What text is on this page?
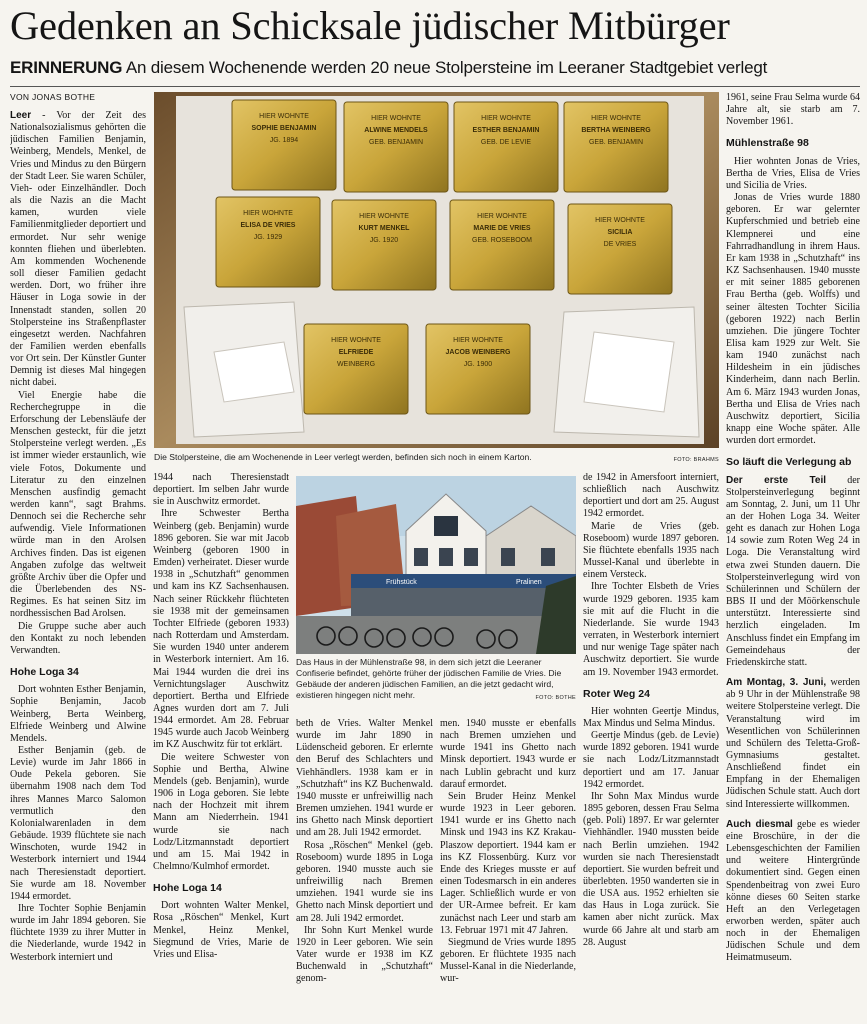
Gedenken an Schicksale jüdischer Mitbürger
ERINNERUNG An diesem Wochenende werden 20 neue Stolpersteine im Leeraner Stadtgebiet verlegt
VON JONAS BOTHE

Leer - Vor der Zeit des Nationalsozialismus gehörten die jüdischen Familien Benjamin, Weinberg, Mendels, Menkel, de Vries und Mindus zu den Bürgern der Stadt Leer. Sie waren Schüler, Vieh- oder Einzelhändler. Doch als die Nazis an die Macht kamen, wurden viele Familienmitglieder deportiert und ermordet. Nur sehr wenige konnten fliehen und überlebten. Am kommenden Wochenende soll dieser Familien gedacht werden. Dort, wo früher ihre Häuser in Loga sowie in der Innenstadt standen, sollen 20 Stolpersteine ins Straßenpflaster eingesetzt werden. Nachfahren der Familien werden ebenfalls vor Ort sein. Der Künstler Gunter Demnig ist dieses Mal hingegen nicht dabei.

Viel Energie habe die Recherchegruppe in die Erforschung der Lebensläufe der Menschen gesteckt, für die jetzt Stolpersteine verlegt werden. „Es ist immer wieder erstaunlich, wie viele Fotos, Dokumente und Literatur zu den einzelnen Menschen ausfindig gemacht werden kann“, sagt Brahms. Dennoch sei die Recherche sehr aufwendig. Viele Informationen würde man in den Arolsen Archives finden. Das ist eigenen Angaben zufolge das weltweit größte Archiv über die Opfer und die Überlebenden des NS-Regimes. Es hat seinen Sitz im nordhessischen Bad Arolsen.

Die Gruppe suche aber auch den Kontakt zu noch lebenden Verwandten.

Hohe Loga 34

Dort wohnten Esther Benjamin, Sophie Benjamin, Jacob Weinberg, Berta Weinberg, Elfriede Weinberg und Alwine Mendels.

Esther Benjamin (geb. de Levie) wurde im Jahr 1866 in Oude Pekela geboren. Sie übernahm 1908 nach dem Tod ihres Mannes Marco Salomon vermutlich den Kolonialwarenladen in dem Gebäude. 1939 flüchtete sie nach Winschoten, wurde 1942 in Westerbork interniert und 1944 nach Theresienstadt deportiert. Sie wurde am 18. November 1944 ermordet.

Ihre Tochter Sophie Benjamin wurde im Jahr 1894 geboren. Sie flüchtete 1939 zu ihrer Mutter in die Niederlande, wurde 1942 in Westerbork interniert und

HIER WOHNTE
SOPHIE BENJAMIN
JG. 1894
HIER WOHNTE
ALWINE MENDELS
GEB. BENJAMIN
HIER WOHNTE
ESTHER BENJAMIN
GEB. DE LEVIE
HIER WOHNTE
BERTHA WEINBERG
GEB. BENJAMIN
HIER WOHNTE
ELISA DE VRIES
JG. 1929
HIER WOHNTE
KURT MENKEL
JG. 1920
HIER WOHNTE
MARIE DE VRIES
GEB. ROSEBOOM
HIER WOHNTE
SICILIA
DE VRIES
HIER WOHNTE
ELFRIEDE
WEINBERG
HIER WOHNTE
JACOB WEINBERG
JG. 1900
Die Stolpersteine, die am Wochenende in Leer verlegt werden, befinden sich noch in einem Karton.	FOTO: BRAHMS

1944 nach Theresienstadt deportiert. Im selben Jahr wurde sie in Auschwitz ermordet.

Ihre Schwester Bertha Weinberg (geb. Benjamin) wurde 1896 geboren. Sie war mit Jacob Weinberg (geboren 1900 in Emden) verheiratet. Dieser wurde 1938 in „Schutzhaft“ genommen und kam ins KZ Sachsenhausen. Nach seiner Rückkehr flüchteten sie 1938 mit der gemeinsamen Tochter Elfriede (geboren 1933) nach Rotterdam und Amsterdam. Sie wurden 1940 unter anderem in Westerbork interniert. Am 16. Mai 1944 wurden die drei ins Vernichtungslager Auschwitz deportiert. Bertha und Elfriede Agnes wurden dort am 7. Juli 1944 ermordet. Am 28. Februar 1945 wurde auch Jacob Weinberg im KZ Auschwitz für tot erklärt.

Die weitere Schwester von Sophie und Bertha, Alwine Mendels (geb. Benjamin), wurde 1906 in Loga geboren. Sie lebte nach der Hochzeit mit ihrem Mann am Niederrhein. 1941 wurde sie nach Lodz/Litzmannstadt deportiert und am 15. Mai 1942 in Chelmno/Kulmhof ermordet.

Hohe Loga 14

Dort wohnten Walter Menkel, Rosa „Röschen“ Menkel, Kurt Menkel, Heinz Menkel, Siegmund de Vries, Marie de Vries und Elisa-

Frühstück	Pralinen
Das Haus in der Mühlenstraße 98, in dem sich jetzt die Leeraner Confiserie befindet, gehörte früher der jüdischen Familie de Vries. Die Gebäude der anderen jüdischen Familien, an die jetzt gedacht wird, existieren hingegen nicht mehr.	FOTO: BOTHE

beth de Vries. Walter Menkel wurde im Jahr 1890 in Lüdenscheid geboren. Er erlernte den Beruf des Schlachters und Viehhändlers. 1938 kam er in „Schutzhaft“ ins KZ Buchenwald. 1940 musste er unfreiwillig nach Bremen umziehen. 1941 wurde er ins Ghetto nach Minsk deportiert und am 28. Juli 1942 ermordet.

Rosa „Röschen“ Menkel (geb. Roseboom) wurde 1895 in Loga geboren. 1940 musste auch sie unfreiwillig nach Bremen umziehen. 1941 wurde sie ins Ghetto nach Minsk deportiert und am 28. Juli 1942 ermordet.

Ihr Sohn Kurt Menkel wurde 1920 in Leer geboren. Wie sein Vater wurde er 1938 im KZ Buchenwald in „Schutzhaft“ genom-

men. 1940 musste er ebenfalls nach Bremen umziehen und wurde 1941 ins Ghetto nach Minsk deportiert. 1943 wurde er nach Lublin gebracht und kurz darauf ermordet.

Sein Bruder Heinz Menkel wurde 1923 in Leer geboren. 1941 wurde er ins Ghetto nach Minsk und 1943 ins KZ Krakau-Plaszow deportiert. 1944 kam er ins KZ Flossenbürg. Kurz vor Ende des Krieges musste er auf einen Todesmarsch in ein anderes Lager. Schließlich wurde er von der UR-Armee befreit. Er kam zunächst nach Leer und starb am 13. Februar 1971 mit 47 Jahren.

Siegmund de Vries wurde 1895 geboren. Er flüchtete 1935 nach Mussel-Kanal in die Niederlande, wur-

de 1942 in Amersfoort interniert, schließlich nach Auschwitz deportiert und dort am 25. August 1942 ermordet.

Marie de Vries (geb. Roseboom) wurde 1897 geboren. Sie flüchtete ebenfalls 1935 nach Mussel-Kanal und überlebte in einem Versteck.

Ihre Tochter Elsbeth de Vries wurde 1929 geboren. 1935 kam sie mit auf die Flucht in die Niederlande. Sie wurde 1943 verraten, in Westerbork interniert und nur wenige Tage später nach Auschwitz deportiert. Sie wurde am 19. November 1943 ermordet.

Roter Weg 24

Hier wohnten Geertje Mindus, Max Mindus und Selma Mindus.

Geertje Mindus (geb. de Levie) wurde 1892 geboren. 1941 wurde sie nach Lodz/Litzmannstadt deportiert und am 17. Januar 1942 ermordet.

Ihr Sohn Max Mindus wurde 1895 geboren, dessen Frau Selma (geb. Poli) 1897. Er war gelernter Viehhändler. 1940 mussten beide nach Berlin umziehen. 1942 wurden sie nach Theresienstadt deportiert. Sie wurden befreit und überlebten. 1950 wanderten sie in die USA aus. 1952 erhielten sie das Haus in Loga zurück. Sie kamen aber nicht zurück. Max wurde 66 Jahre alt und starb am 28. August

1961, seine Frau Selma wurde 64 Jahre alt, sie starb am 7. November 1961.

Mühlenstraße 98

Hier wohnten Jonas de Vries, Bertha de Vries, Elisa de Vries und Sicilia de Vries.

Jonas de Vries wurde 1880 geboren. Er war gelernter Kupferschmied und betrieb eine Klempnerei und eine Fahrradhandlung in ihrem Haus. Er kam 1938 in „Schutzhaft“ ins KZ Sachsenhausen. 1940 musste er mit seiner 1885 geborenen Frau Bertha (geb. Wolffs) und seiner ältesten Tochter Sicilia (geboren 1922) nach Berlin umziehen. Die jüngere Tochter Elisa kam 1929 zur Welt. Sie kam 1940 zunächst nach Hildesheim in ein jüdisches Kinderheim, dann nach Berlin. Am 6. März 1943 wurden Jonas, Bertha und Elisa de Vries nach Auschwitz deportiert, Sicilia knapp eine Woche später. Alle wurden dort ermordet.

So läuft die Verlegung ab

Der erste Teil der Stolpersteinverlegung beginnt am Sonntag, 2. Juni, um 11 Uhr an der Hohen Loga 34. Weiter geht es danach zur Hohen Loga 14 sowie zum Roten Weg 24 in Loga. Die Veranstaltung wird etwa zwei Stunden dauern. Die Stolpersteinverlegung wird von Schülerinnen und Schülern der BBS II und der Möörkenschule unterstützt. Interessierte sind herzlich eingeladen. Im Anschluss findet ein Empfang im Gemeindehaus der Friedenskirche statt.

Am Montag, 3. Juni, werden ab 9 Uhr in der Mühlenstraße 98 weitere Stolpersteine verlegt. Die Veranstaltung wird im Wesentlichen von Schülerinnen und Schülern des Teletta-Groß-Gymnasiums gestaltet. Anschließend findet ein Empfang in der Ehemaligen Jüdischen Schule statt. Auch dort sind Interessierte willkommen.

Auch diesmal gebe es wieder eine Broschüre, in der die Lebensgeschichten der Familien und weitere Hintergründe dokumentiert sind. Gegen einen Spendenbeitrag von zwei Euro könne dieses 60 Seiten starke Heft an den Verlegetagen erworben werden, später auch noch in der Ehemaligen Jüdischen Schule und dem Heimatmuseum.
